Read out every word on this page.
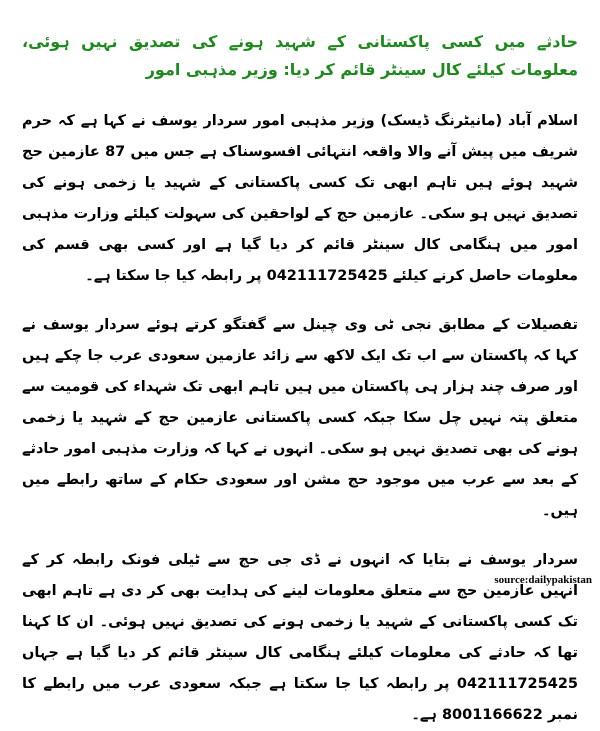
حادثے میں کسی پاکستانی کے شہید ہونے کی تصدیق نہیں ہوئی، معلومات کیلئے کال سینٹر قائم کر دیا: وزیر مذہبی امور

اسلام آباد (مانیٹرنگ ڈیسک) وزیر مذہبی امور سردار یوسف نے کہا ہے کہ حرم شریف میں پیش آنے والا واقعہ انتہائی افسوسناک ہے جس میں 87 عازمین حج شہید ہوئے ہیں تاہم ابھی تک کسی پاکستانی کے شہید یا زخمی ہونے کی تصدیق نہیں ہو سکی۔ عازمین حج کے لواحقین کی سہولت کیلئے وزارت مذہبی امور میں ہنگامی کال سینٹر قائم کر دیا گیا ہے اور کسی بھی قسم کی معلومات حاصل کرنے کیلئے 042111725425 پر رابطہ کیا جا سکتا ہے۔

تفصیلات کے مطابق نجی ٹی وی چینل سے گفتگو کرتے ہوئے سردار یوسف نے کہا کہ پاکستان سے اب تک ایک لاکھ سے زائد عازمین سعودی عرب جا چکے ہیں اور صرف چند ہزار ہی پاکستان میں ہیں تاہم ابھی تک شہداء کی قومیت سے متعلق پتہ نہیں چل سکا جبکہ کسی پاکستانی عازمین حج کے شہید یا زخمی ہونے کی بھی تصدیق نہیں ہو سکی۔ انہوں نے کہا کہ وزارت مذہبی امور حادثے کے بعد سے عرب میں موجود حج مشن اور سعودی حکام کے ساتھ رابطے میں ہیں۔

سردار یوسف نے بتایا کہ انہوں نے ڈی جی حج سے ٹیلی فونک رابطہ کر کے انہیں عازمین حج سے متعلق معلومات لینے کی ہدایت بھی کر دی ہے تاہم ابھی تک کسی پاکستانی کے شہید یا زخمی ہونے کی تصدیق نہیں ہوئی۔ ان کا کہنا تھا کہ حادثے کی معلومات کیلئے ہنگامی کال سینٹر قائم کر دیا گیا ہے جہاں 042111725425 پر رابطہ کیا جا سکتا ہے جبکہ سعودی عرب میں رابطے کا نمبر 8001166622 ہے۔

source:dailypakistan
